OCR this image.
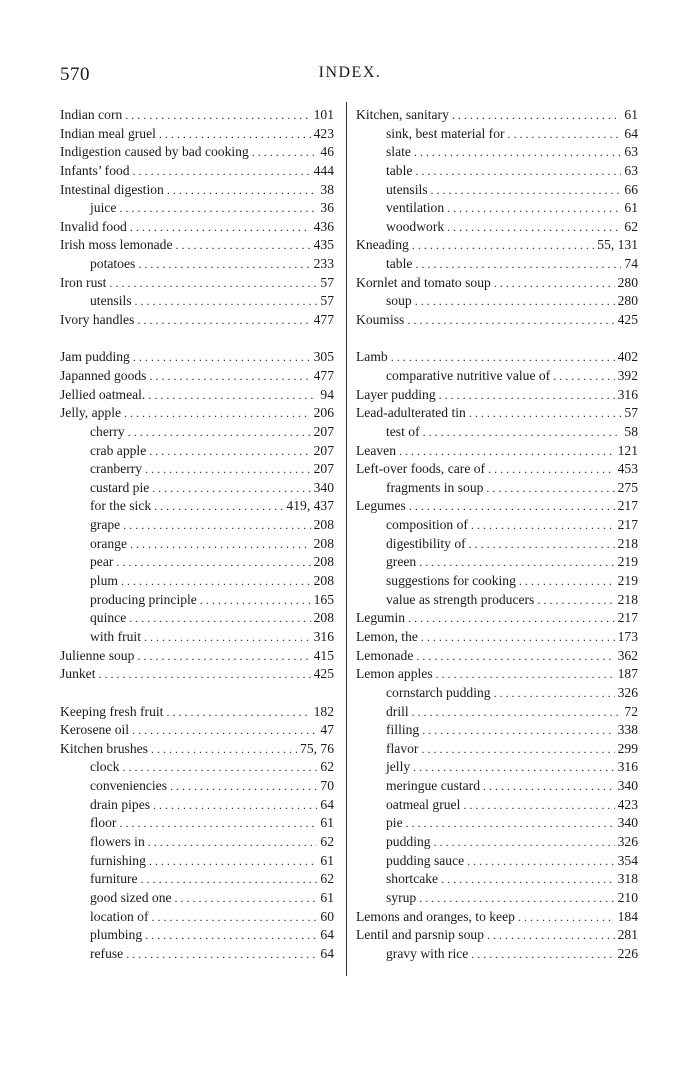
570	INDEX.
Indian corn . . .	101
Indian meal gruel . . .	423
Indigestion caused by bad cooking . . .	46
Infants’ food . . .	444
Intestinal digestion . . .	38
juice . . .	36
Invalid food . . .	436
Irish moss lemonade . . .	435
potatoes . . .	233
Iron rust . . .	57
utensils . . .	57
Ivory handles . . .	477
Jam pudding . . .	305
Japanned goods . . .	477
Jellied oatmeal. . . .	94
Jelly, apple . . .	206
cherry . . .	207
crab apple . . .	207
cranberry . . .	207
custard pie . . .	340
for the sick . . .	419, 437
grape . . .	208
orange . . .	208
pear . . .	208
plum . . .	208
producing principle . . .	165
quince . . .	208
with fruit . . .	316
Julienne soup . . .	415
Junket . . .	425
Keeping fresh fruit . . .	182
Kerosene oil . . .	47
Kitchen brushes . . .	75, 76
clock . . .	62
conveniencies . . .	70
drain pipes . . .	64
floor . . .	61
flowers in . . .	62
furnishing . . .	61
furniture . . .	62
good sized one . . .	61
location of . . .	60
plumbing . . .	64
refuse . . .	64
Kitchen, sanitary . . .	61
sink, best material for . . .	64
slate . . .	63
table . . .	63
utensils . . .	66
ventilation . . .	61
woodwork . . .	62
Kneading . . .	55, 131
table . . .	74
Kornlet and tomato soup . . .	280
soup . . .	280
Koumiss . . .	425
Lamb . . .	402
comparative nutritive value of . . .	392
Layer pudding . . .	316
Lead-adulterated tin . . .	57
test of . . .	58
Leaven . . .	121
Left-over foods, care of . . .	453
fragments in soup . . .	275
Legumes . . .	217
composition of . . .	217
digestibility of . . .	218
green . . .	219
suggestions for cooking . . .	219
value as strength producers . . .	218
Legumin . . .	217
Lemon, the . . .	173
Lemonade . . .	362
Lemon apples . . .	187
cornstarch pudding . . .	326
drill . . .	72
filling . . .	338
flavor . . .	299
jelly . . .	316
meringue custard . . .	340
oatmeal gruel . . .	423
pie . . .	340
pudding . . .	326
pudding sauce . . .	354
shortcake . . .	318
syrup . . .	210
Lemons and oranges, to keep . . .	184
Lentil and parsnip soup . . .	281
gravy with rice . . .	226
